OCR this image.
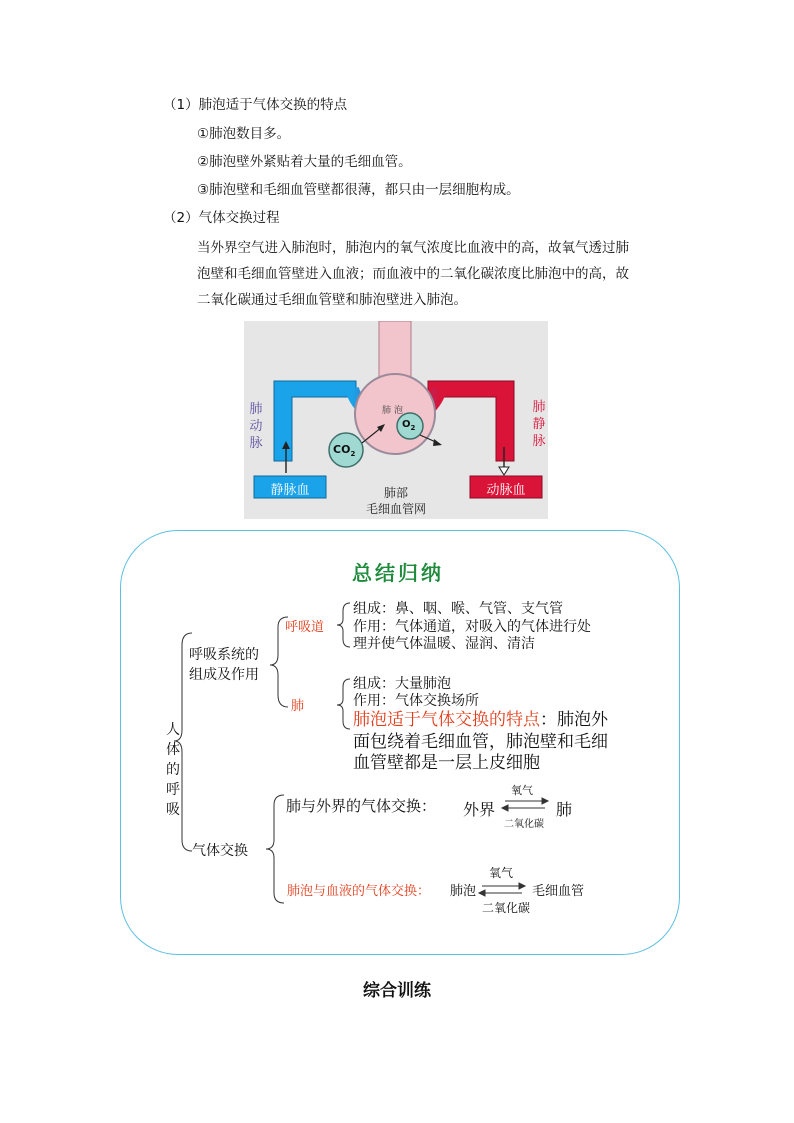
（1）肺泡适于气体交换的特点
①肺泡数目多。
②肺泡壁外紧贴着大量的毛细血管。
③肺泡壁和毛细血管壁都很薄，都只由一层细胞构成。
（2）气体交换过程
当外界空气进入肺泡时，肺泡内的氧气浓度比血液中的高，故氧气透过肺泡壁和毛细血管壁进入血液；而血液中的二氧化碳浓度比肺泡中的高，故二氧化碳通过毛细血管壁和肺泡壁进入肺泡。
肺动脉
肺静脉
肺泡
$CO_2$
$O_2$
静脉血	动脉血
肺部
毛细血管网
总结归纳
人体的呼吸
呼吸系统的组成及作用
呼吸道
组成：鼻、咽、喉、气管、支气管
作用：气体通道，对吸入的气体进行处
理并使气体温暖、湿润、清洁
肺
组成：大量肺泡
作用：气体交换场所
肺泡适于气体交换的特点：肺泡外
面包绕着毛细血管，肺泡壁和毛细
血管壁都是一层上皮细胞
气体交换
肺与外界的气体交换： 外界
氧气
二氧化碳
肺
肺泡与血液的气体交换： 肺泡
氧气
二氧化碳
毛细血管
综合训练
